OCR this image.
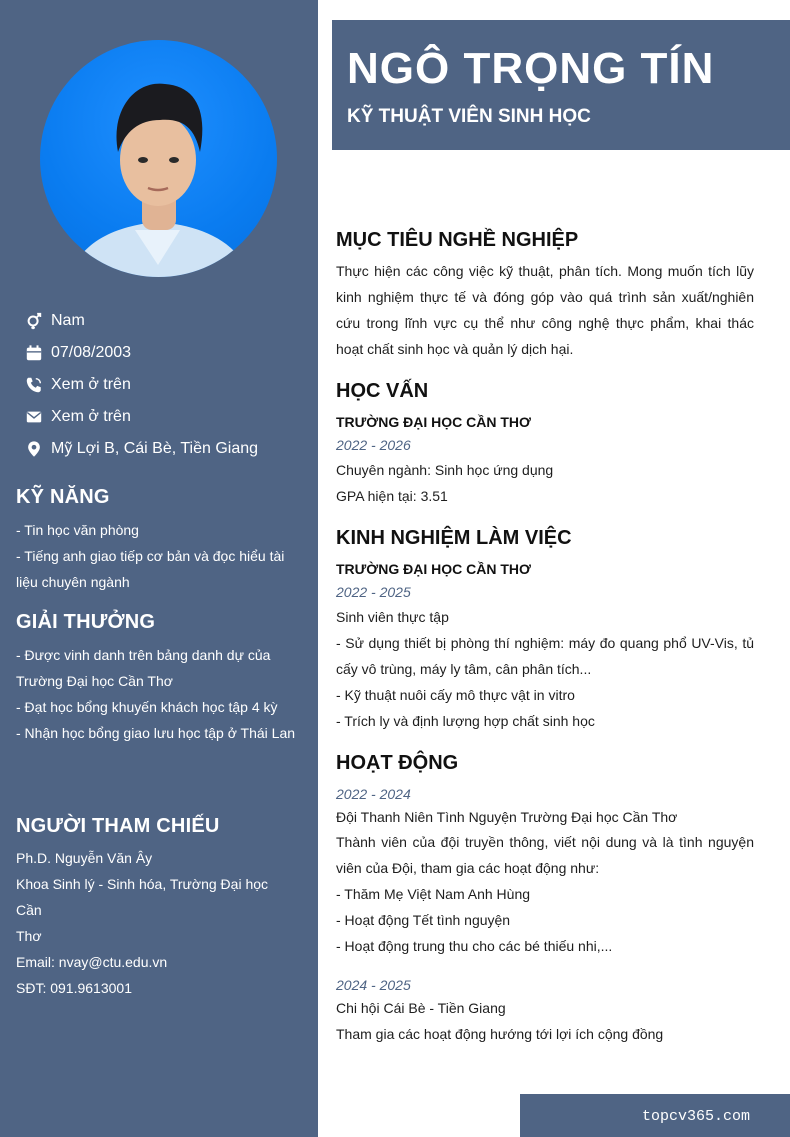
Nam
07/08/2003
Xem ở trên
Xem ở trên
Mỹ Lợi B, Cái Bè, Tiền Giang
KỸ NĂNG
- Tin học văn phòng
- Tiếng anh giao tiếp cơ bản và đọc hiểu tài
liệu chuyên ngành
GIẢI THƯỞNG
- Được vinh danh trên bảng danh dự của
Trường Đại học Cần Thơ
- Đạt học bổng khuyến khách học tập 4 kỳ
- Nhận học bổng giao lưu học tập ở Thái Lan
NGƯỜI THAM CHIẾU
Ph.D. Nguyễn Văn Ây
Khoa Sinh lý - Sinh hóa, Trường Đại học Cần
Thơ
Email: nvay@ctu.edu.vn
SĐT: 091.9613001
NGÔ TRỌNG TÍN
KỸ THUẬT VIÊN SINH HỌC
MỤC TIÊU NGHỀ NGHIỆP
Thực hiện các công việc kỹ thuật, phân tích. Mong muốn tích lũy kinh nghiệm thực tế và đóng góp vào quá trình sản xuất/nghiên cứu trong lĩnh vực cụ thể như công nghệ thực phẩm, khai thác hoạt chất sinh học và quản lý dịch hại.
HỌC VẤN
TRƯỜNG ĐẠI HỌC CẦN THƠ
2022 - 2026
Chuyên ngành: Sinh học ứng dụng
GPA hiện tại: 3.51
KINH NGHIỆM LÀM VIỆC
TRƯỜNG ĐẠI HỌC CẦN THƠ
2022 - 2025
Sinh viên thực tập
- Sử dụng thiết bị phòng thí nghiệm: máy đo quang phổ UV-Vis, tủ cấy vô trùng, máy ly tâm, cân phân tích...
- Kỹ thuật nuôi cấy mô thực vật in vitro
- Trích ly và định lượng hợp chất sinh học
HOẠT ĐỘNG
2022 - 2024
Đội Thanh Niên Tình Nguyện Trường Đại học Cần Thơ
Thành viên của đội truyền thông, viết nội dung và là tình nguyện viên của Đội, tham gia các hoạt động như:
- Thăm Mẹ Việt Nam Anh Hùng
- Hoạt động Tết tình nguyện
- Hoạt động trung thu cho các bé thiếu nhi,...
2024 - 2025
Chi hội Cái Bè - Tiền Giang
Tham gia các hoạt động hướng tới lợi ích cộng đồng
topcv365.com
